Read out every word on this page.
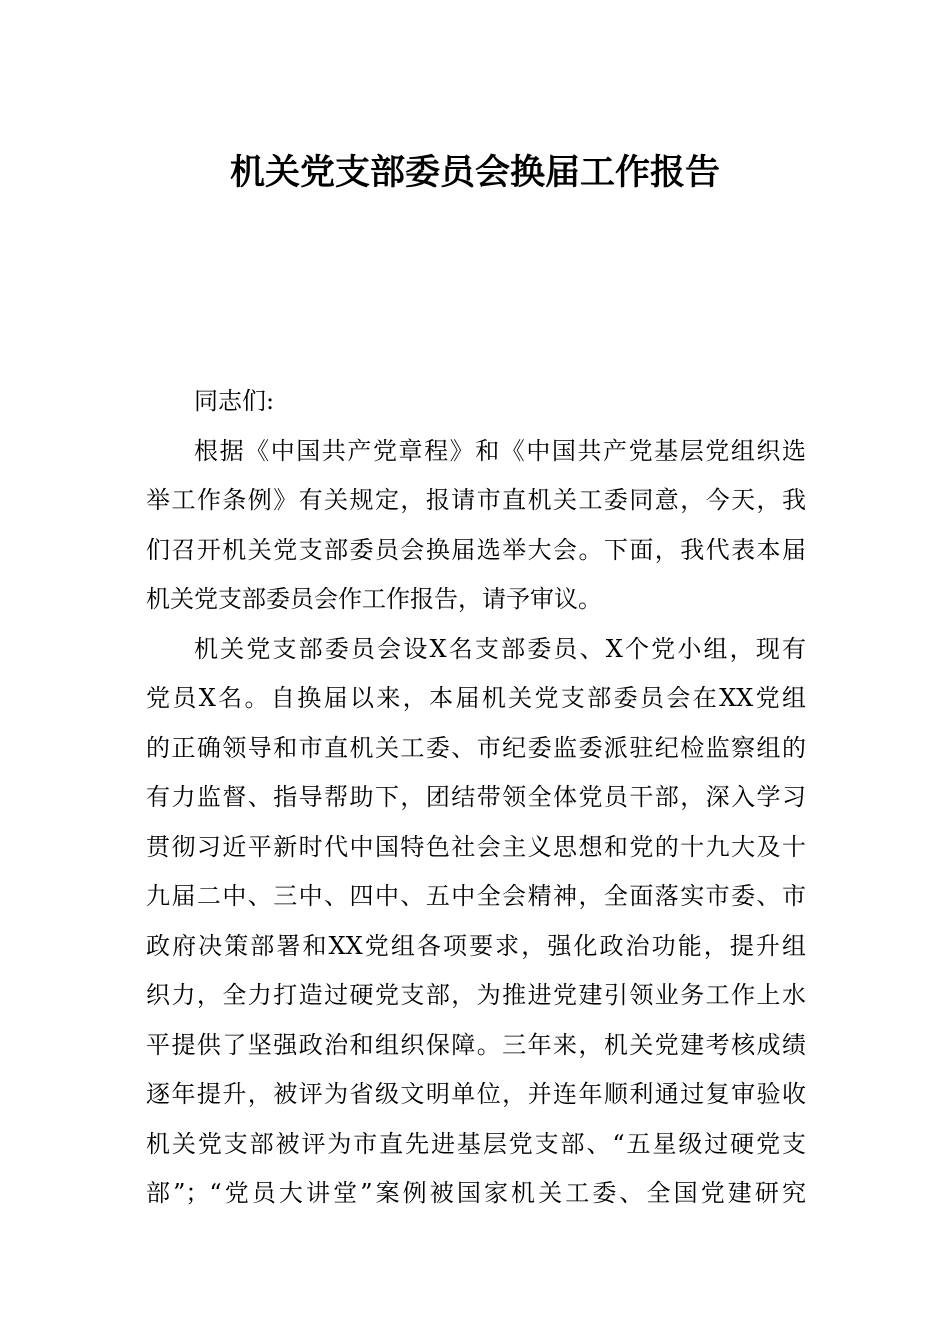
机关党支部委员会换届工作报告
同志们:
根据《中国共产党章程》和《中国共产党基层党组织选
举工作条例》有关规定，报请市直机关工委同意，今天，我
们召开机关党支部委员会换届选举大会。下面，我代表本届
机关党支部委员会作工作报告，请予审议。
机关党支部委员会设X名支部委员、X个党小组，现有
党员X名。自换届以来，本届机关党支部委员会在XX党组
的正确领导和市直机关工委、市纪委监委派驻纪检监察组的
有力监督、指导帮助下，团结带领全体党员干部，深入学习
贯彻习近平新时代中国特色社会主义思想和党的十九大及十
九届二中、三中、四中、五中全会精神，全面落实市委、市
政府决策部署和XX党组各项要求，强化政治功能，提升组
织力，全力打造过硬党支部，为推进党建引领业务工作上水
平提供了坚强政治和组织保障。三年来，机关党建考核成绩
逐年提升，被评为省级文明单位，并连年顺利通过复审验收
机关党支部被评为市直先进基层党支部、“五星级过硬党支
部”；“党员大讲堂”案例被国家机关工委、全国党建研究
